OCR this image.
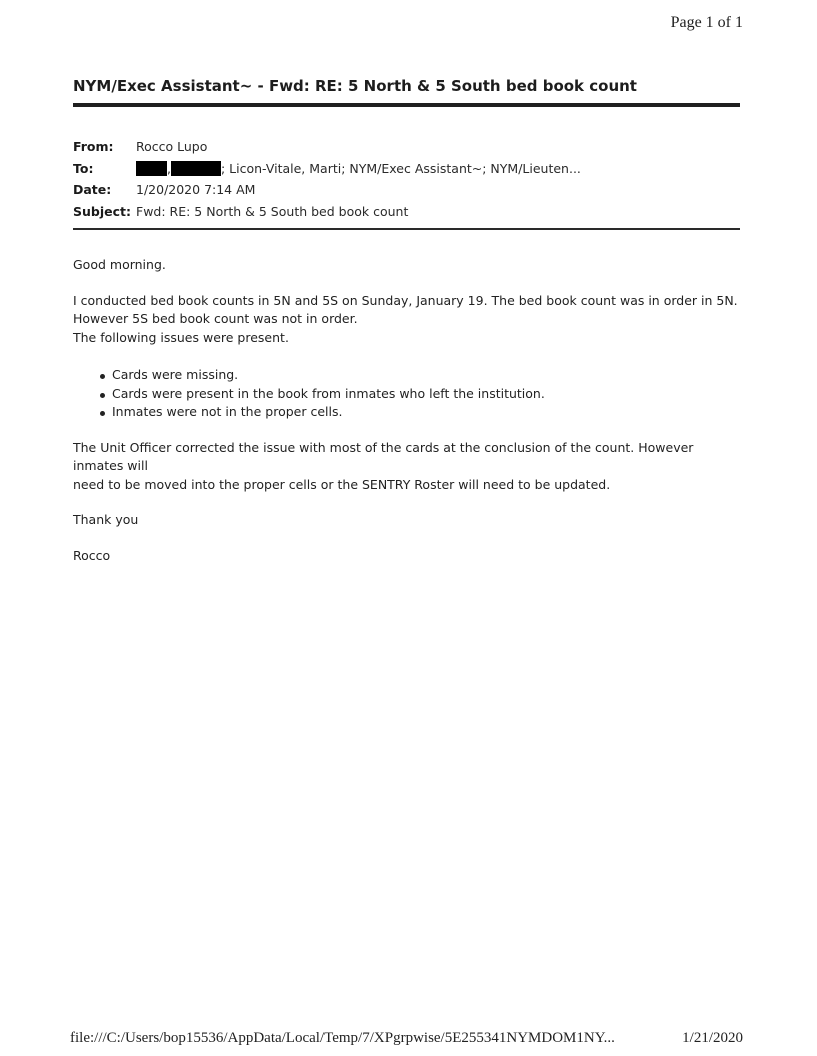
Page 1 of 1
NYM/Exec Assistant~ - Fwd: RE: 5 North & 5 South bed book count
From:	Rocco Lupo
To:	,	; Licon-Vitale, Marti; NYM/Exec Assistant~; NYM/Lieuten...
Date:	1/20/2020 7:14 AM
Subject: Fwd: RE: 5 North & 5 South bed book count

Good morning.

I conducted bed book counts in 5N and 5S on Sunday, January 19. The bed book count was in order in 5N.

However 5S bed book count was not in order.

The following issues were present.

Cards were missing.
Cards were present in the book from inmates who left the institution.
Inmates were not in the proper cells.

The Unit Officer corrected the issue with most of the cards at the conclusion of the count. However inmates will

need to be moved into the proper cells or the SENTRY Roster will need to be updated.

Thank you

Rocco

file:///C:/Users/bop15536/AppData/Local/Temp/7/XPgrpwise/5E255341NYMDOM1NY...	1/21/2020
